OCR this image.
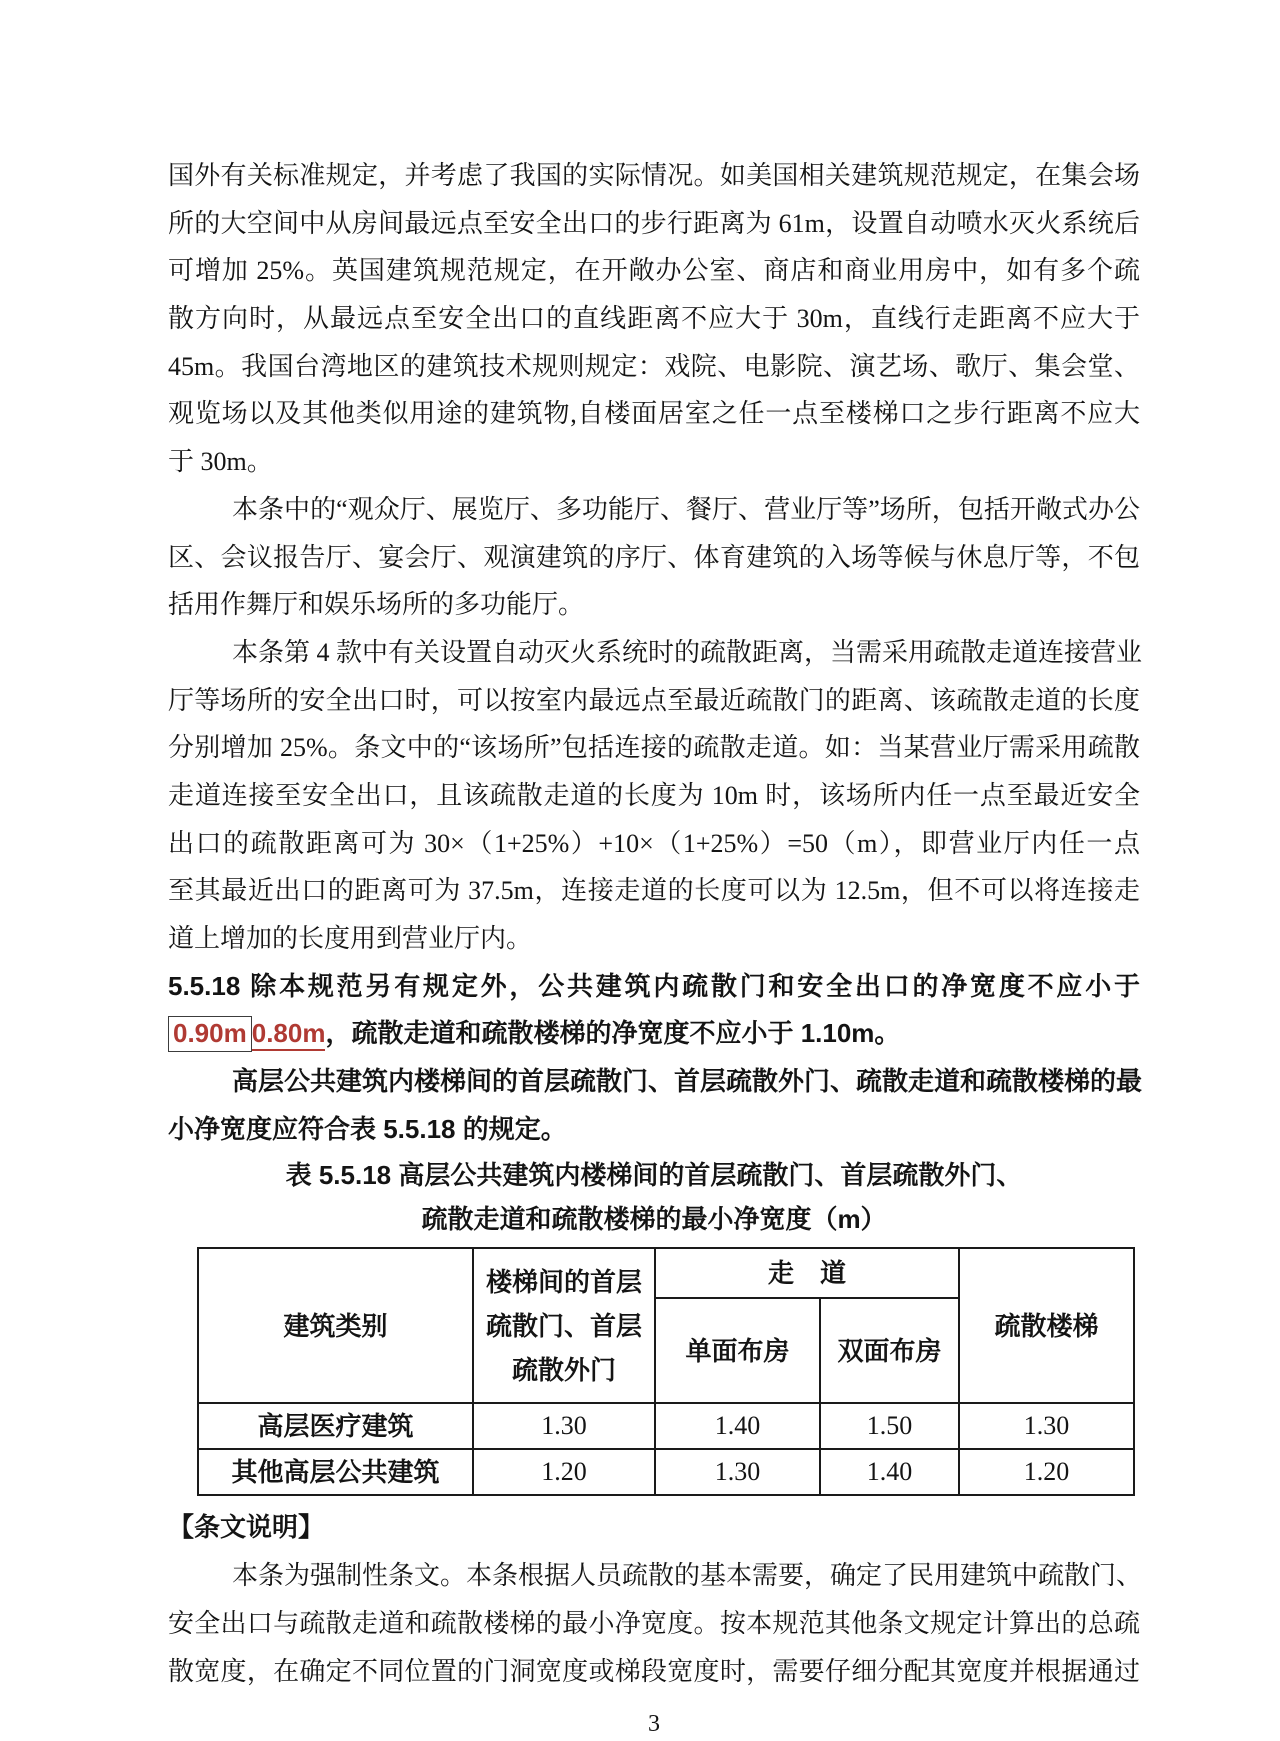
国外有关标准规定，并考虑了我国的实际情况。如美国相关建筑规范规定，在集会场
所的大空间中从房间最远点至安全出口的步行距离为 61m，设置自动喷水灭火系统后
可增加 25%。英国建筑规范规定，在开敞办公室、商店和商业用房中，如有多个疏
散方向时，从最远点至安全出口的直线距离不应大于 30m，直线行走距离不应大于
45m。我国台湾地区的建筑技术规则规定：戏院、电影院、演艺场、歌厅、集会堂、
观览场以及其他类似用途的建筑物,自楼面居室之任一点至楼梯口之步行距离不应大
于 30m。
本条中的“观众厅、展览厅、多功能厅、餐厅、营业厅等”场所，包括开敞式办公
区、会议报告厅、宴会厅、观演建筑的序厅、体育建筑的入场等候与休息厅等，不包
括用作舞厅和娱乐场所的多功能厅。
本条第 4 款中有关设置自动灭火系统时的疏散距离，当需采用疏散走道连接营业
厅等场所的安全出口时，可以按室内最远点至最近疏散门的距离、该疏散走道的长度
分别增加 25%。条文中的“该场所”包括连接的疏散走道。如：当某营业厅需采用疏散
走道连接至安全出口，且该疏散走道的长度为 10m 时，该场所内任一点至最近安全
出口的疏散距离可为 30×（1+25%）+10×（1+25%）=50（m），即营业厅内任一点
至其最近出口的距离可为 37.5m，连接走道的长度可以为 12.5m，但不可以将连接走
道上增加的长度用到营业厅内。
5.5.18 除本规范另有规定外，公共建筑内疏散门和安全出口的净宽度不应小于
0.90m 0.80m，疏散走道和疏散楼梯的净宽度不应小于 1.10m。
高层公共建筑内楼梯间的首层疏散门、首层疏散外门、疏散走道和疏散楼梯的最
小净宽度应符合表 5.5.18 的规定。
表 5.5.18 高层公共建筑内楼梯间的首层疏散门、首层疏散外门、
疏散走道和疏散楼梯的最小净宽度（m）
建筑类别	楼梯间的首层疏散门、首层疏散外门	走　道		疏散楼梯
		单面布房	双面布房	
高层医疗建筑	1.30	1.40	1.50	1.30
其他高层公共建筑	1.20	1.30	1.40	1.20
【条文说明】
本条为强制性条文。本条根据人员疏散的基本需要，确定了民用建筑中疏散门、
安全出口与疏散走道和疏散楼梯的最小净宽度。按本规范其他条文规定计算出的总疏
散宽度，在确定不同位置的门洞宽度或梯段宽度时，需要仔细分配其宽度并根据通过
3
